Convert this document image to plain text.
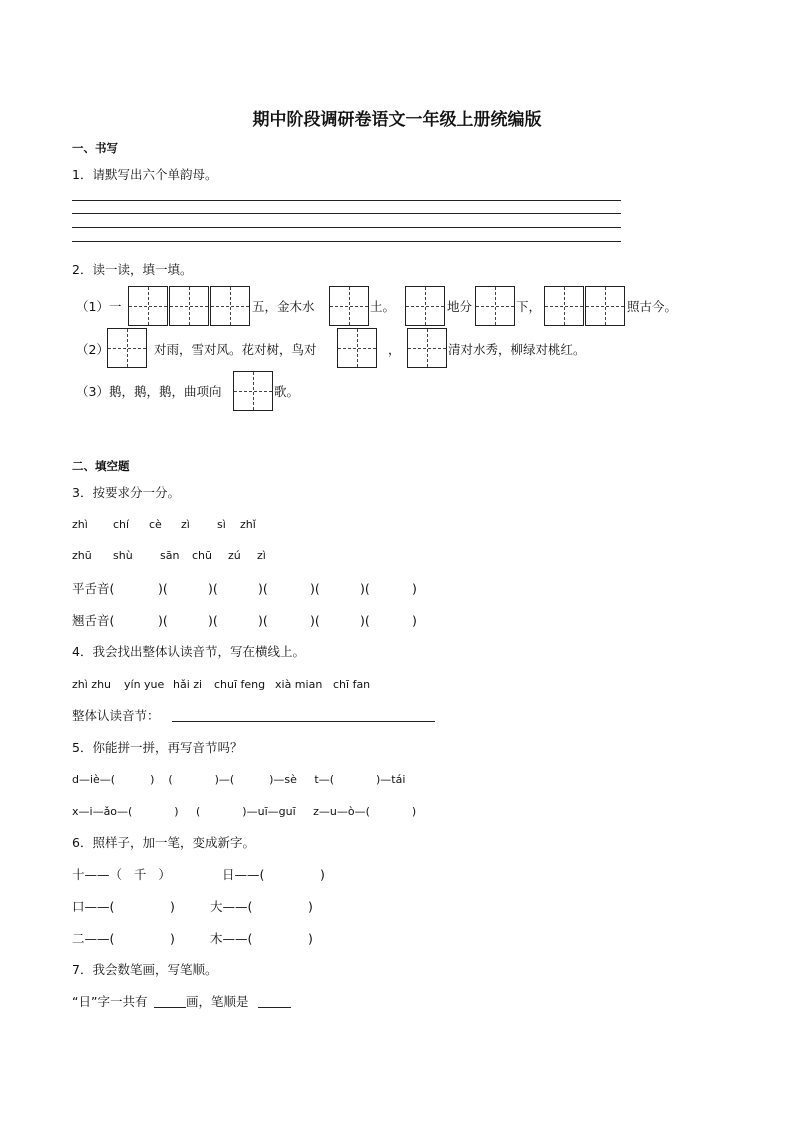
期中阶段调研卷语文一年级上册统编版
一、书写
1．请默写出六个单韵母。
2．读一读，填一填。
（1）一	五，金木水	土。	地分	下，	照古今。
（2）	对雨，雪对风。花对树，鸟对	，	清对水秀，柳绿对桃红。
（3）鹅，鹅，鹅，曲项向	歌。
二、填空题
3．按要求分一分。
zhì chí cè zì sì zhǐ
zhū shù sān chū zú zì
平舌音(	)(	)(	)(	)(	)(	)
翘舌音(	)(	)(	)(	)(	)(	)
4．我会找出整体认读音节，写在横线上。
zhì zhu yín yue hǎi zi chuī feng xià mian chī fan
整体认读音节：
5．你能拼一拼，再写音节吗？
d—iè—(          )    (            )—(          )—sè     t—(            )—tái
x—i—ǎo—(            )     (            )—uī—guī     z—u—ò—(            )
6．照样子，加一笔，变成新字。
十——（   千   ）	日——(              )
口——(              )	大——(              )
二——(              )	木——(              )
7．我会数笔画，写笔顺。
“日”字一共有	画，笔顺是
